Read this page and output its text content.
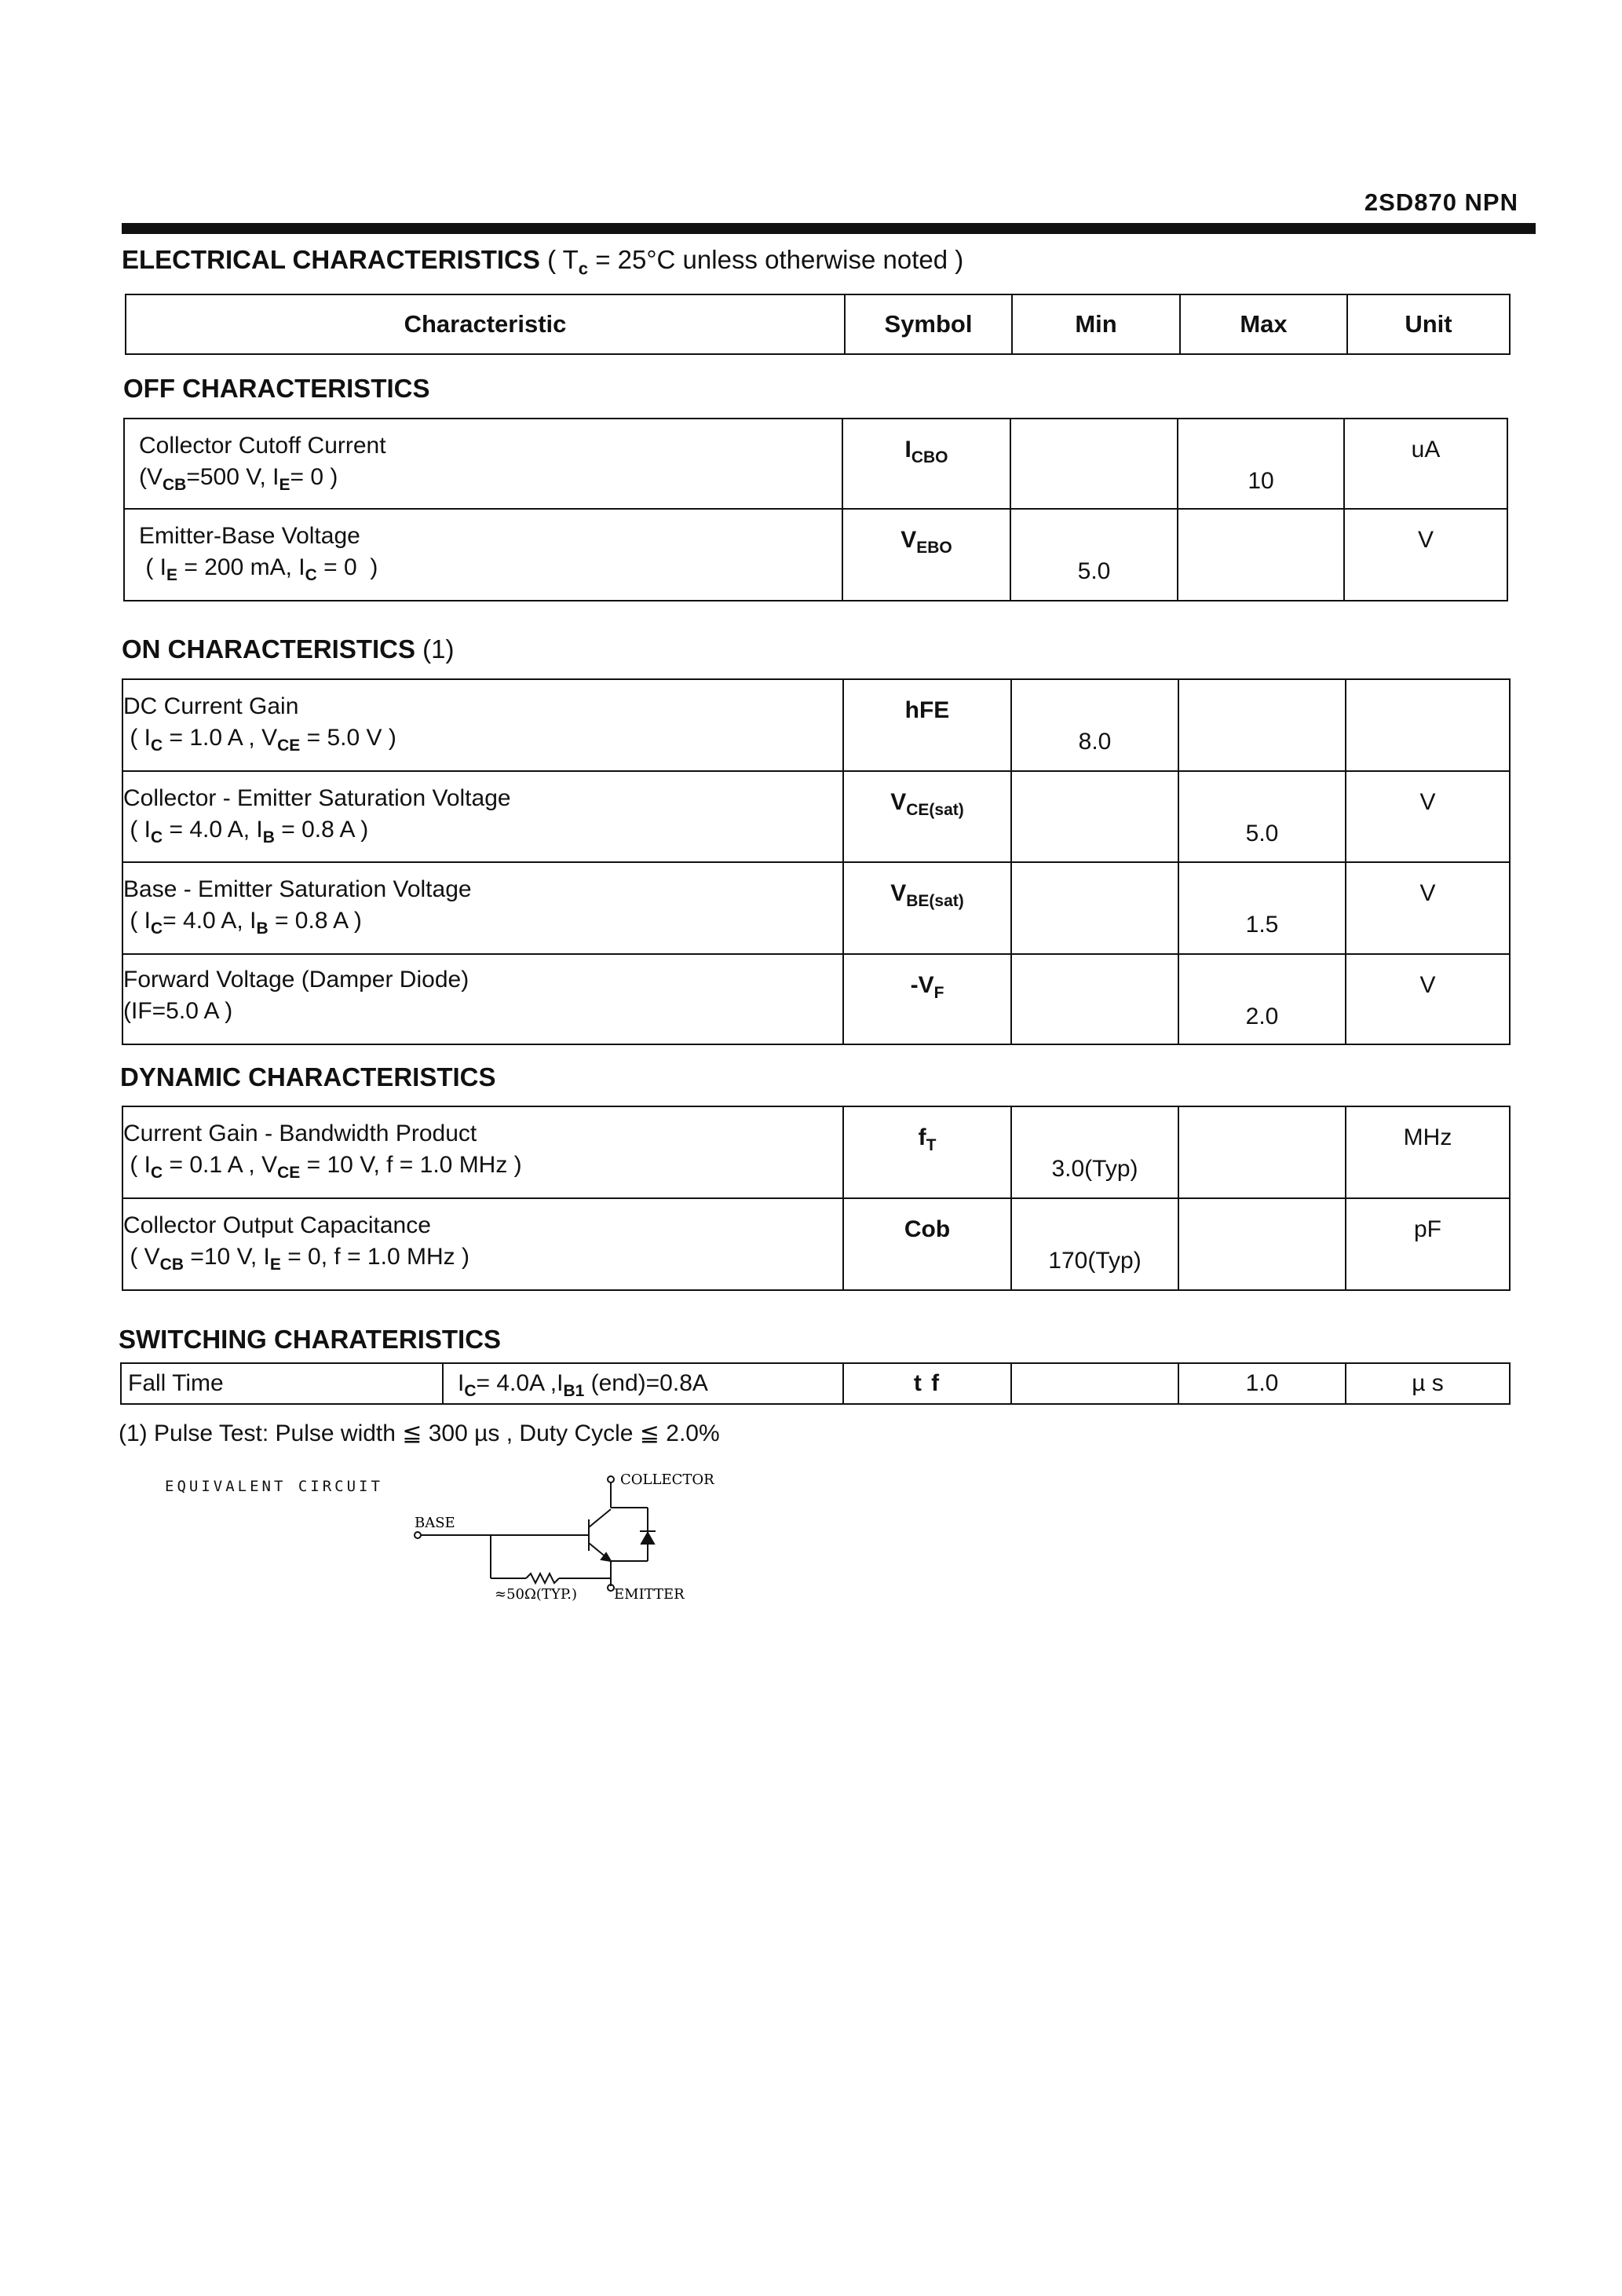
2SD870 NPN
ELECTRICAL CHARACTERISTICS ( $T_c = 25^\circ C$ unless otherwise noted )
Characteristic	Symbol	Min	Max	Unit
OFF CHARACTERISTICS
Collector Cutoff Current
($V_{CB}=500$ V, $I_E= 0$ )	$I_{CBO}$		10	uA

Emitter-Base Voltage
( $I_E = 200$ mA, $I_C = 0$  )	$V_{EBO}$	5.0		V
ON CHARACTERISTICS (1)
DC Current Gain
( $I_C = 1.0$ A , $V_{CE} = 5.0$ V )	hFE	8.0		

Collector - Emitter Saturation Voltage
( $I_C = 4.0$ A, $I_B = 0.8$ A )	$V_{CE(sat)}$		5.0	V

Base - Emitter Saturation Voltage
( $I_C= 4.0$ A, $I_B = 0.8$ A )	$V_{BE(sat)}$		1.5	V

Forward Voltage (Damper Diode)
(IF=5.0 A )	$-V_F$		2.0	V
DYNAMIC CHARACTERISTICS
Current Gain - Bandwidth Product
( $I_C = 0.1$ A , $V_{CE} = 10$ V, f = 1.0 MHz )	$f_T$	3.0(Typ)		MHz

Collector Output Capacitance
( $V_{CB} =10$ V, $I_E = 0$, f = 1.0 MHz )	Cob	170(Typ)		pF
SWITCHING CHARATERISTICS
Fall Time	$I_C= 4.0A$ $,I_{B1}$ (end)=0.8A	t f		1.0	µ s
(1) Pulse Test: Pulse width ≦ 300 µs , Duty Cycle ≦ 2.0%
EQUIVALENT CIRCUIT	COLLECTOR
BASE
≈50Ω(TYP.)	EMITTER
